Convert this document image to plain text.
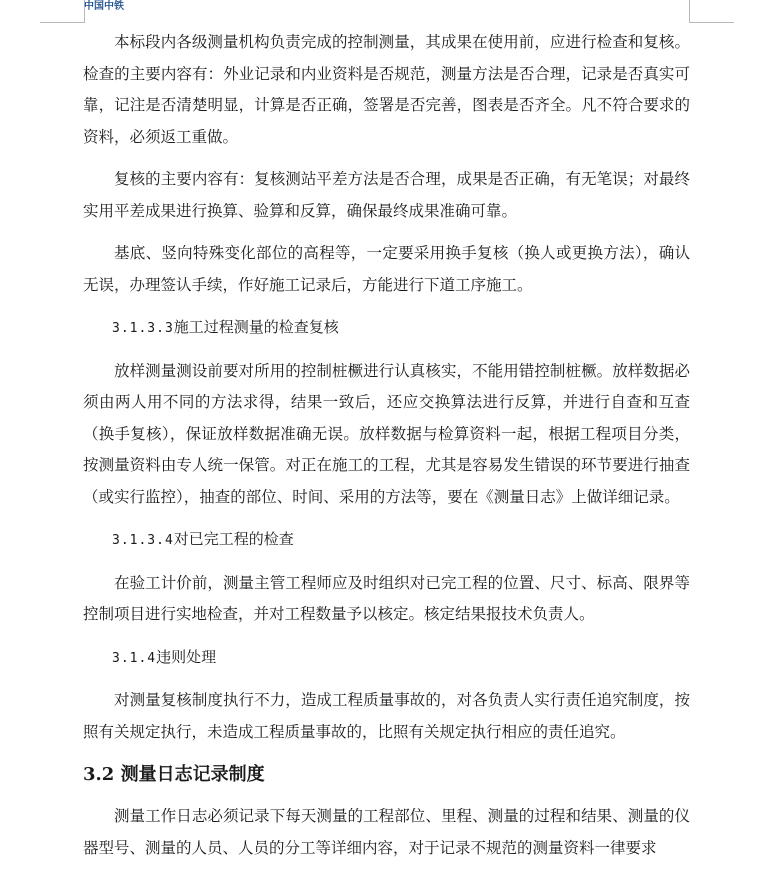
中国中铁

本标段内各级测量机构负责完成的控制测量，其成果在使用前，应进行检查和复核。检查的主要内容有：外业记录和内业资料是否规范，测量方法是否合理，记录是否真实可靠，记注是否清楚明显，计算是否正确，签署是否完善，图表是否齐全。凡不符合要求的资料，必须返工重做。

复核的主要内容有：复核测站平差方法是否合理，成果是否正确，有无笔误；对最终实用平差成果进行换算、验算和反算，确保最终成果准确可靠。

基底、竖向特殊变化部位的高程等，一定要采用换手复核（换人或更换方法），确认无误，办理签认手续，作好施工记录后，方能进行下道工序施工。

3.1.3.3施工过程测量的检查复核

放样测量测设前要对所用的控制桩橛进行认真核实，不能用错控制桩橛。放样数据必须由两人用不同的方法求得，结果一致后，还应交换算法进行反算，并进行自查和互查（换手复核），保证放样数据准确无误。放样数据与检算资料一起，根据工程项目分类，按测量资料由专人统一保管。对正在施工的工程，尤其是容易发生错误的环节要进行抽查（或实行监控），抽查的部位、时间、采用的方法等，要在《测量日志》上做详细记录。

3.1.3.4对已完工程的检查

在验工计价前，测量主管工程师应及时组织对已完工程的位置、尺寸、标高、限界等控制项目进行实地检查，并对工程数量予以核定。核定结果报技术负责人。

3.1.4违则处理

对测量复核制度执行不力，造成工程质量事故的，对各负责人实行责任追究制度，按照有关规定执行，未造成工程质量事故的，比照有关规定执行相应的责任追究。

3.2 测量日志记录制度

测量工作日志必须记录下每天测量的工程部位、里程、测量的过程和结果、测量的仪器型号、测量的人员、人员的分工等详细内容，对于记录不规范的测量资料一律要求
